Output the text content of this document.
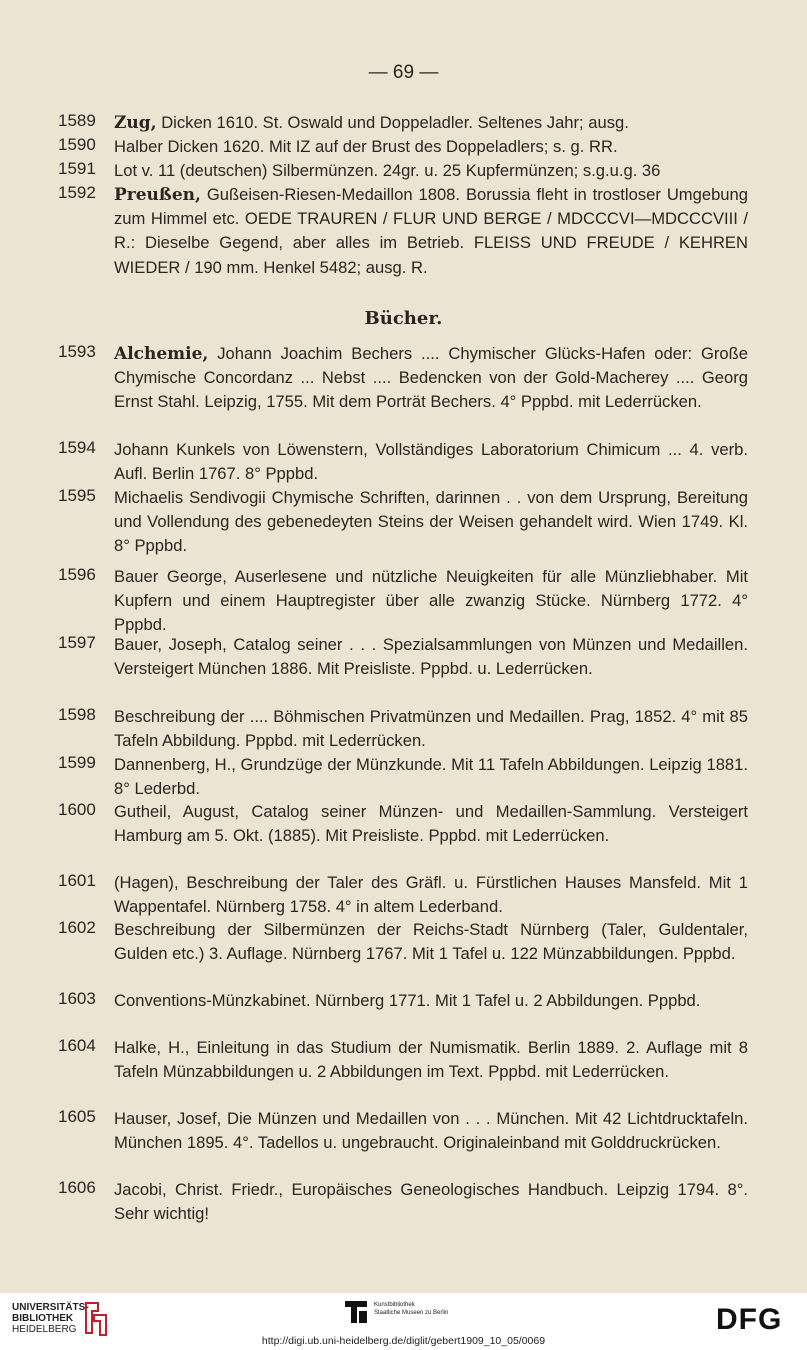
— 69 —
1589 Zug, Dicken 1610. St. Oswald und Doppeladler. Seltenes Jahr; ausg.
1590 Halber Dicken 1620. Mit IZ auf der Brust des Doppeladlers; s. g. RR.
1591 Lot v. 11 (deutschen) Silbermünzen. 24gr. u. 25 Kupfermünzen; s.g.u.g. 36
1592 Preußen, Gußeisen-Riesen-Medaillon 1808. Borussia fleht in trostloser Umgebung zum Himmel etc. OEDE TRAUREN / FLUR UND BERGE / MDCCCVI—MDCCCVIII / R.: Dieselbe Gegend, aber alles im Betrieb. FLEISS UND FREUDE / KEHREN WIEDER / 190 mm. Henkel 5482; ausg. R.
Bücher.
1593 Alchemie, Johann Joachim Bechers .... Chymischer Glücks-Hafen oder: Große Chymische Concordanz ... Nebst .... Bedencken von der Gold-Macherey .... Georg Ernst Stahl. Leipzig, 1755. Mit dem Porträt Bechers. 4° Pppbd. mit Lederrücken.
1594 Johann Kunkels von Löwenstern, Vollständiges Laboratorium Chimicum ... 4. verb. Aufl. Berlin 1767. 8° Pppbd.
1595 Michaelis Sendivogii Chymische Schriften, darinnen . . von dem Ursprung, Bereitung und Vollendung des gebenedeyten Steins der Weisen gehandelt wird. Wien 1749. Kl. 8° Pppbd.
1596 Bauer George, Auserlesene und nützliche Neuigkeiten für alle Münzliebhaber. Mit Kupfern und einem Hauptregister über alle zwanzig Stücke. Nürnberg 1772. 4° Pppbd.
1597 Bauer, Joseph, Catalog seiner . . . Spezialsammlungen von Münzen und Medaillen. Versteigert München 1886. Mit Preisliste. Pppbd. u. Lederrücken.
1598 Beschreibung der .... Böhmischen Privatmünzen und Medaillen. Prag, 1852. 4° mit 85 Tafeln Abbildung. Pppbd. mit Lederrücken.
1599 Dannenberg, H., Grundzüge der Münzkunde. Mit 11 Tafeln Abbildungen. Leipzig 1881. 8° Lederbd.
1600 Gutheil, August, Catalog seiner Münzen- und Medaillen-Sammlung. Versteigert Hamburg am 5. Okt. (1885). Mit Preisliste. Pppbd. mit Lederrücken.
1601 (Hagen), Beschreibung der Taler des Gräfl. u. Fürstlichen Hauses Mansfeld. Mit 1 Wappentafel. Nürnberg 1758. 4° in altem Lederband.
1602 Beschreibung der Silbermünzen der Reichs-Stadt Nürnberg (Taler, Guldentaler, Gulden etc.) 3. Auflage. Nürnberg 1767. Mit 1 Tafel u. 122 Münzabbildungen. Pppbd.
1603 Conventions-Münzkabinet. Nürnberg 1771. Mit 1 Tafel u. 2 Abbildungen. Pppbd.
1604 Halke, H., Einleitung in das Studium der Numismatik. Berlin 1889. 2. Auflage mit 8 Tafeln Münzabbildungen u. 2 Abbildungen im Text. Pppbd. mit Lederrücken.
1605 Hauser, Josef, Die Münzen und Medaillen von . . . München. Mit 42 Lichtdrucktafeln. München 1895. 4°. Tadellos u. ungebraucht. Originaleinband mit Golddruckrücken.
1606 Jacobi, Christ. Friedr., Europäisches Geneologisches Handbuch. Leipzig 1794. 8°. Sehr wichtig!
UNIVERSITÄTS-
BIBLIOTHEK
HEIDELBERG
Kunstbibliothek
Staatliche Museen zu Berlin	DFG
http://digi.ub.uni-heidelberg.de/diglit/gebert1909_10_05/0069
